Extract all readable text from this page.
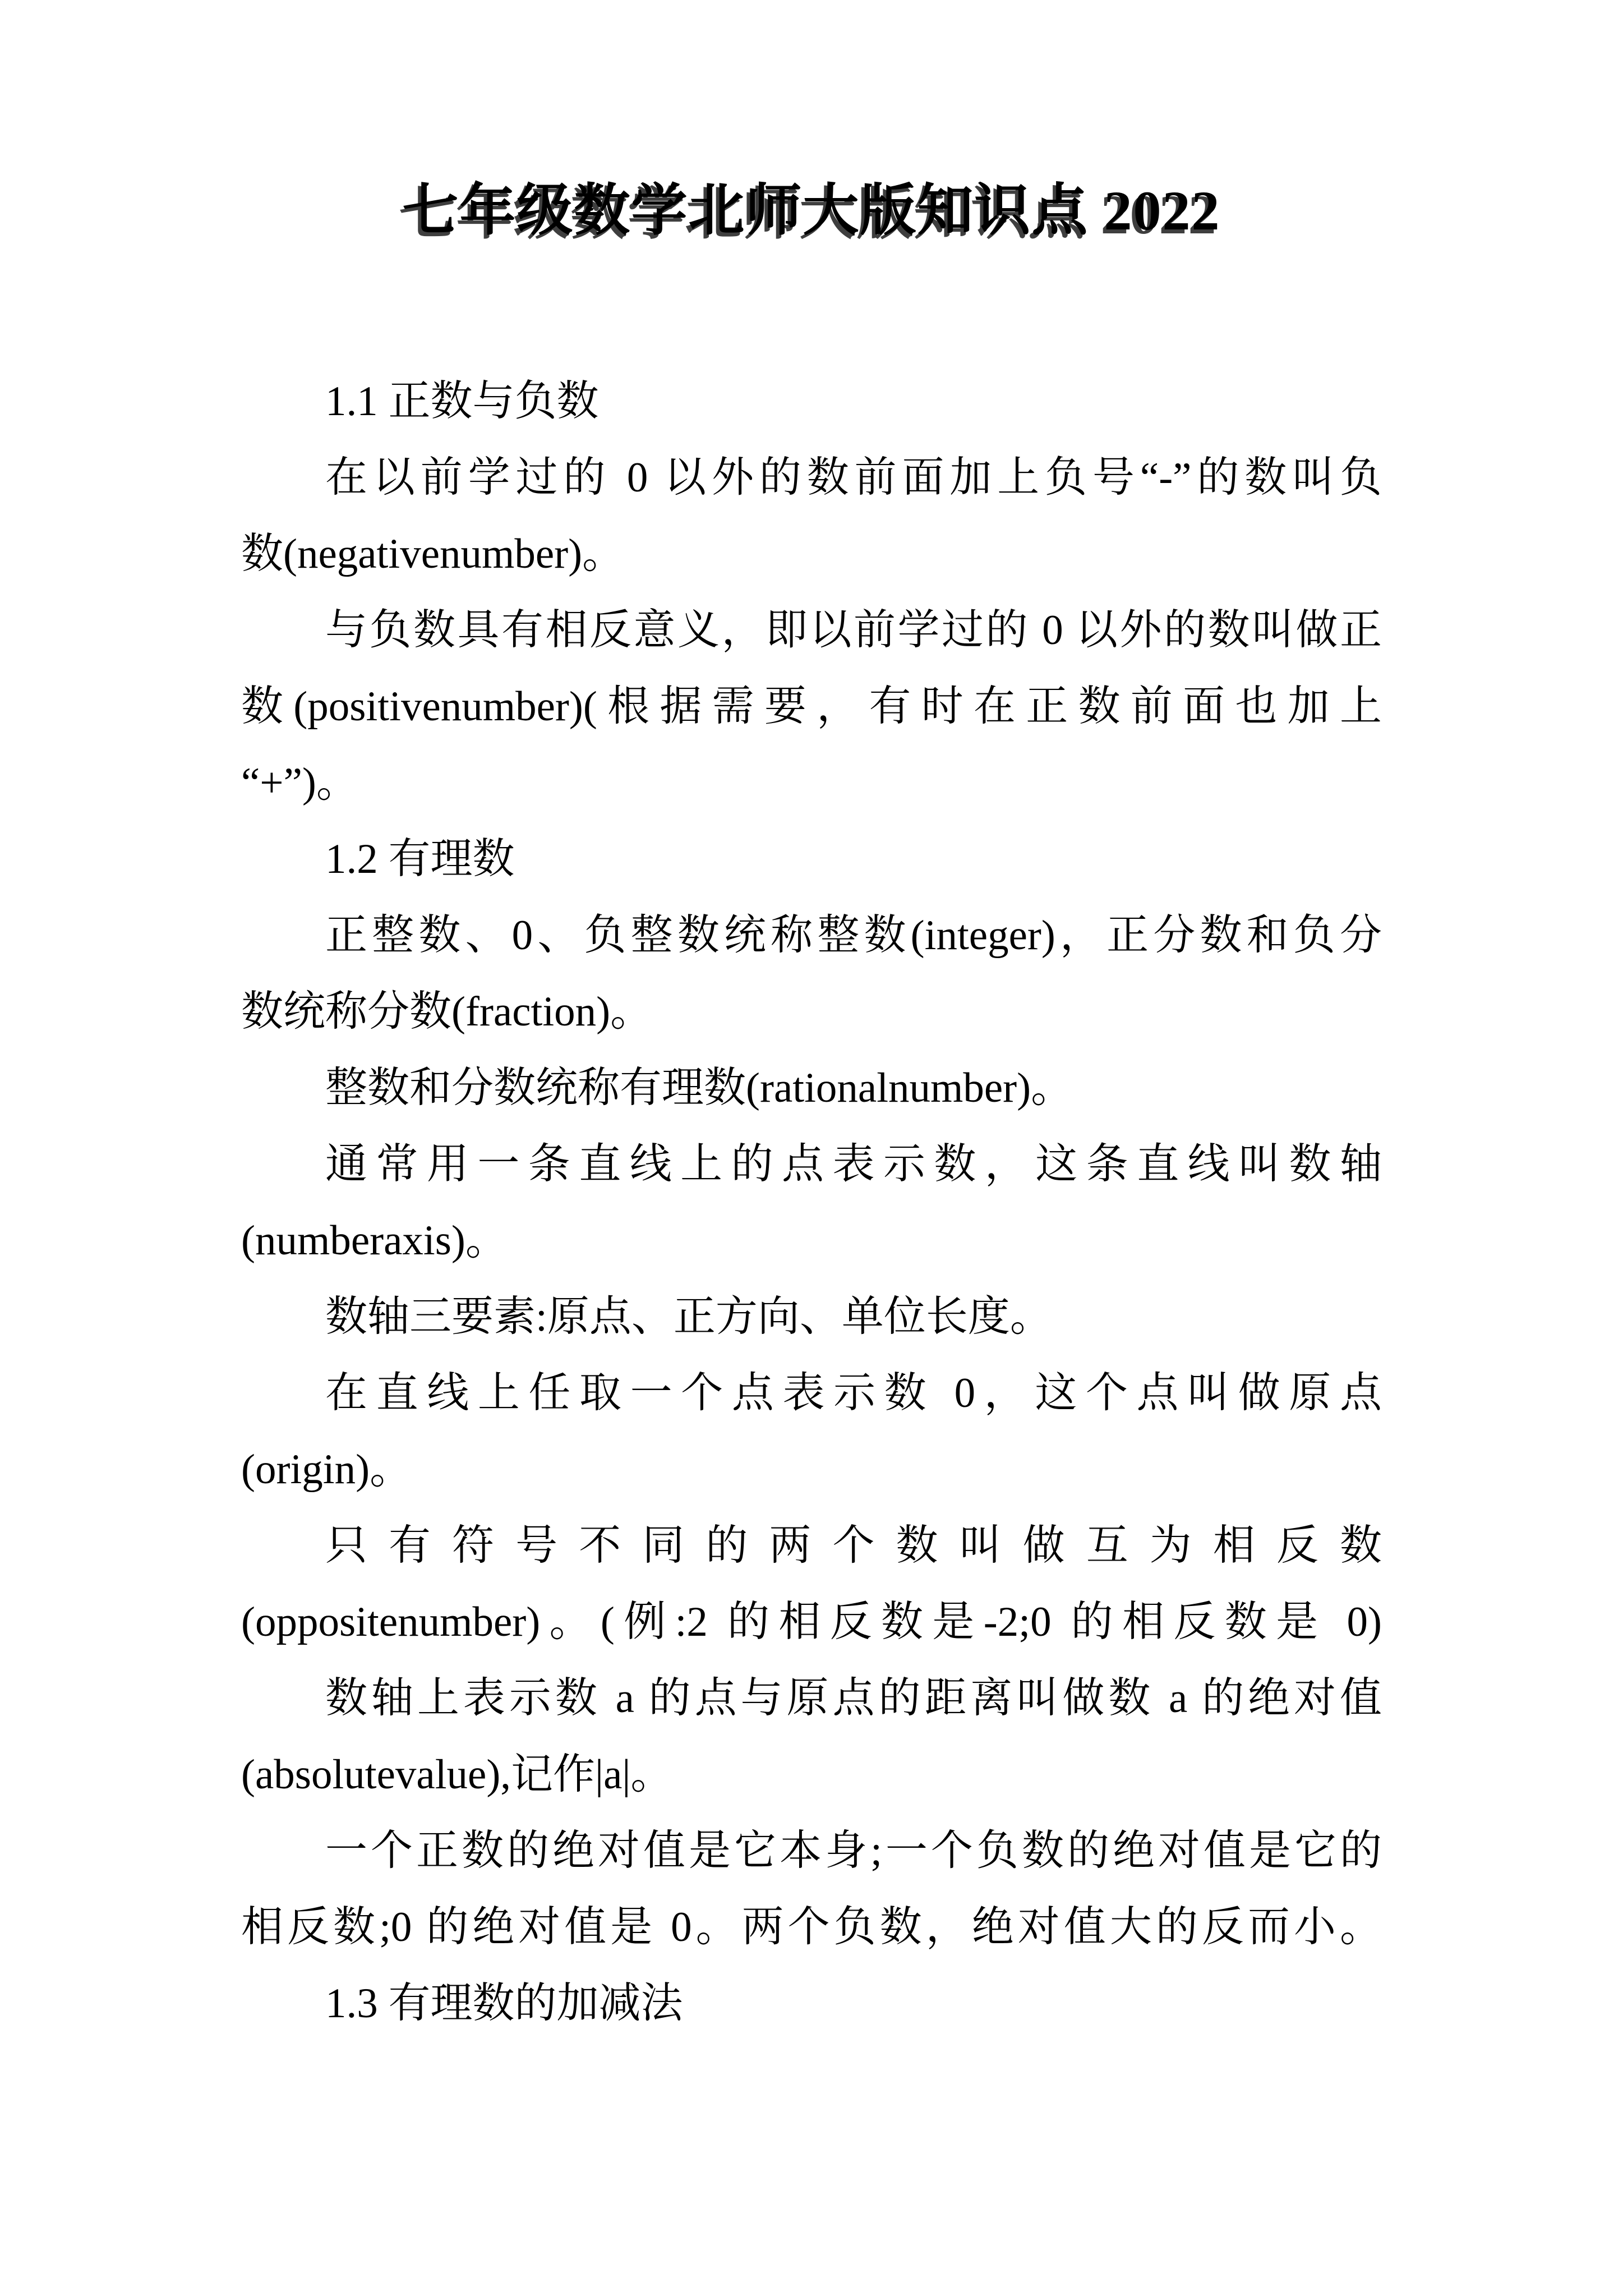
七年级数学北师大版知识点 2022
1.1 正数与负数
在以前学过的 0 以外的数前面加上负号“-”的数叫负
数(negativenumber)。
与负数具有相反意义，即以前学过的 0 以外的数叫做正
数(positivenumber)(根据需要，有时在正数前面也加上
“+”)。
1.2 有理数
正整数、0、负整数统称整数(integer)，正分数和负分
数统称分数(fraction)。
整数和分数统称有理数(rationalnumber)。
通常用一条直线上的点表示数，这条直线叫数轴
(numberaxis)。
数轴三要素:原点、正方向、单位长度。
在直线上任取一个点表示数 0，这个点叫做原点
(origin)。
只有符号不同的两个数叫做互为相反数
(oppositenumber)。(例:2 的相反数是-2;0 的相反数是 0)
数轴上表示数 a 的点与原点的距离叫做数 a 的绝对值
(absolutevalue),记作|a|。
一个正数的绝对值是它本身;一个负数的绝对值是它的
相反数;0 的绝对值是 0。两个负数，绝对值大的反而小。
1.3 有理数的加减法
